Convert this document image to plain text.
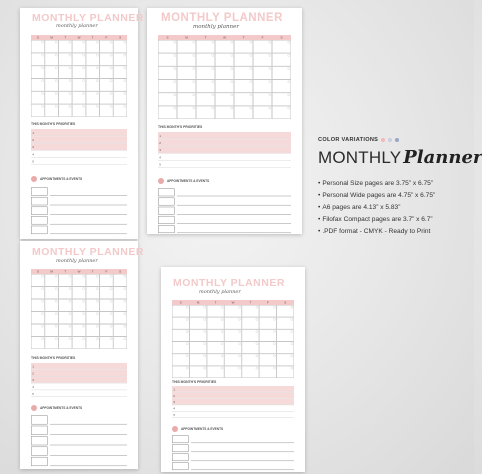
MONTHLY PLANNER
monthly planner
S	M	T	W	T	F	S
THIS MONTH'S PRIORITIES
1
2
3
4
5
APPOINTMENTS & EVENTS
MONTHLY PLANNER
monthly planner
S	M	T	W	T	F	S
THIS MONTH'S PRIORITIES
1
2
3
4
5
APPOINTMENTS & EVENTS
MONTHLY PLANNER
monthly planner
S	M	T	W	T	F	S
THIS MONTH'S PRIORITIES
1
2
3
4
5
APPOINTMENTS & EVENTS
MONTHLY PLANNER
monthly planner
S	M	T	W	T	F	S
THIS MONTH'S PRIORITIES
1
2
3
4
5
APPOINTMENTS & EVENTS
COLOR VARIATIONS
MONTHLY Planner
• Personal Size pages are 3.75” x 6.75”
• Personal Wide pages are 4.75” x 6.75”
• A6 pages are 4.13” x 5.83”
• Filofax Compact pages are 3.7” x 6.7”
• .PDF format - CMYK - Ready to Print
